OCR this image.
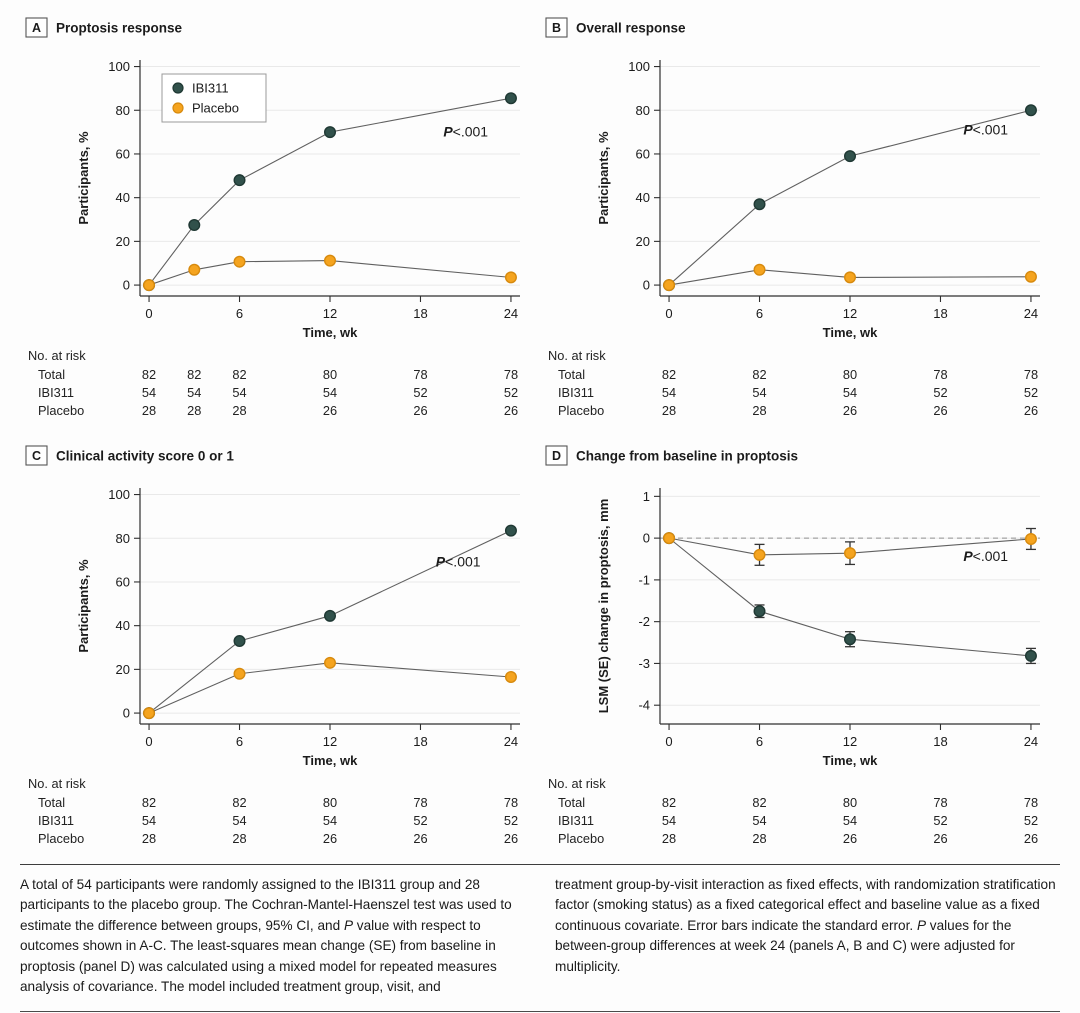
A Proptosis response
0
20
40
60
80
100
0	6	12	18	24
Time, wk
Participants, %
IBI311
Placebo
P<.001
No. at risk
Total	82 82 82	80	78	78
IBI311	54 54 54	54	52	52
Placebo	28 28 28	26	26	26
B Overall response
0
20
40
60
80
100
0	6	12	18	24
Time, wk
Participants, %
P<.001
No. at risk
Total	82	82	80	78	78
IBI311	54	54	54	52	52
Placebo	28	28	26	26	26
C Clinical activity score 0 or 1
0
20
40
60
80
100
0	6	12	18	24
Time, wk
Participants, %	P<.001
No. at risk
Total	82	82	80	78	78
IBI311	54	54	54	52	52
Placebo	28	28	26	26	26
D Change from baseline in proptosis
-4
-3
-2
-1
0
1
0	6	12	18	24
Time, wk
LSM (SE) change in proptosis, mm	P<.001
No. at risk
Total	82	82	80	78	78
IBI311	54	54	54	52	52
Placebo	28	28	26	26	26
A total of 54 participants were randomly assigned to the IBI311 group and 28 participants to the placebo group. The Cochran-Mantel-Haenszel test was used to estimate the difference between groups, 95% CI, and P value with respect to outcomes shown in A-C. The least-squares mean change (SE) from baseline in proptosis (panel D) was calculated using a mixed model for repeated measures analysis of covariance. The model included treatment group, visit, and
treatment group-by-visit interaction as fixed effects, with randomization stratification factor (smoking status) as a fixed categorical effect and baseline value as a fixed continuous covariate. Error bars indicate the standard error. P values for the between-group differences at week 24 (panels A, B and C) were adjusted for multiplicity.
